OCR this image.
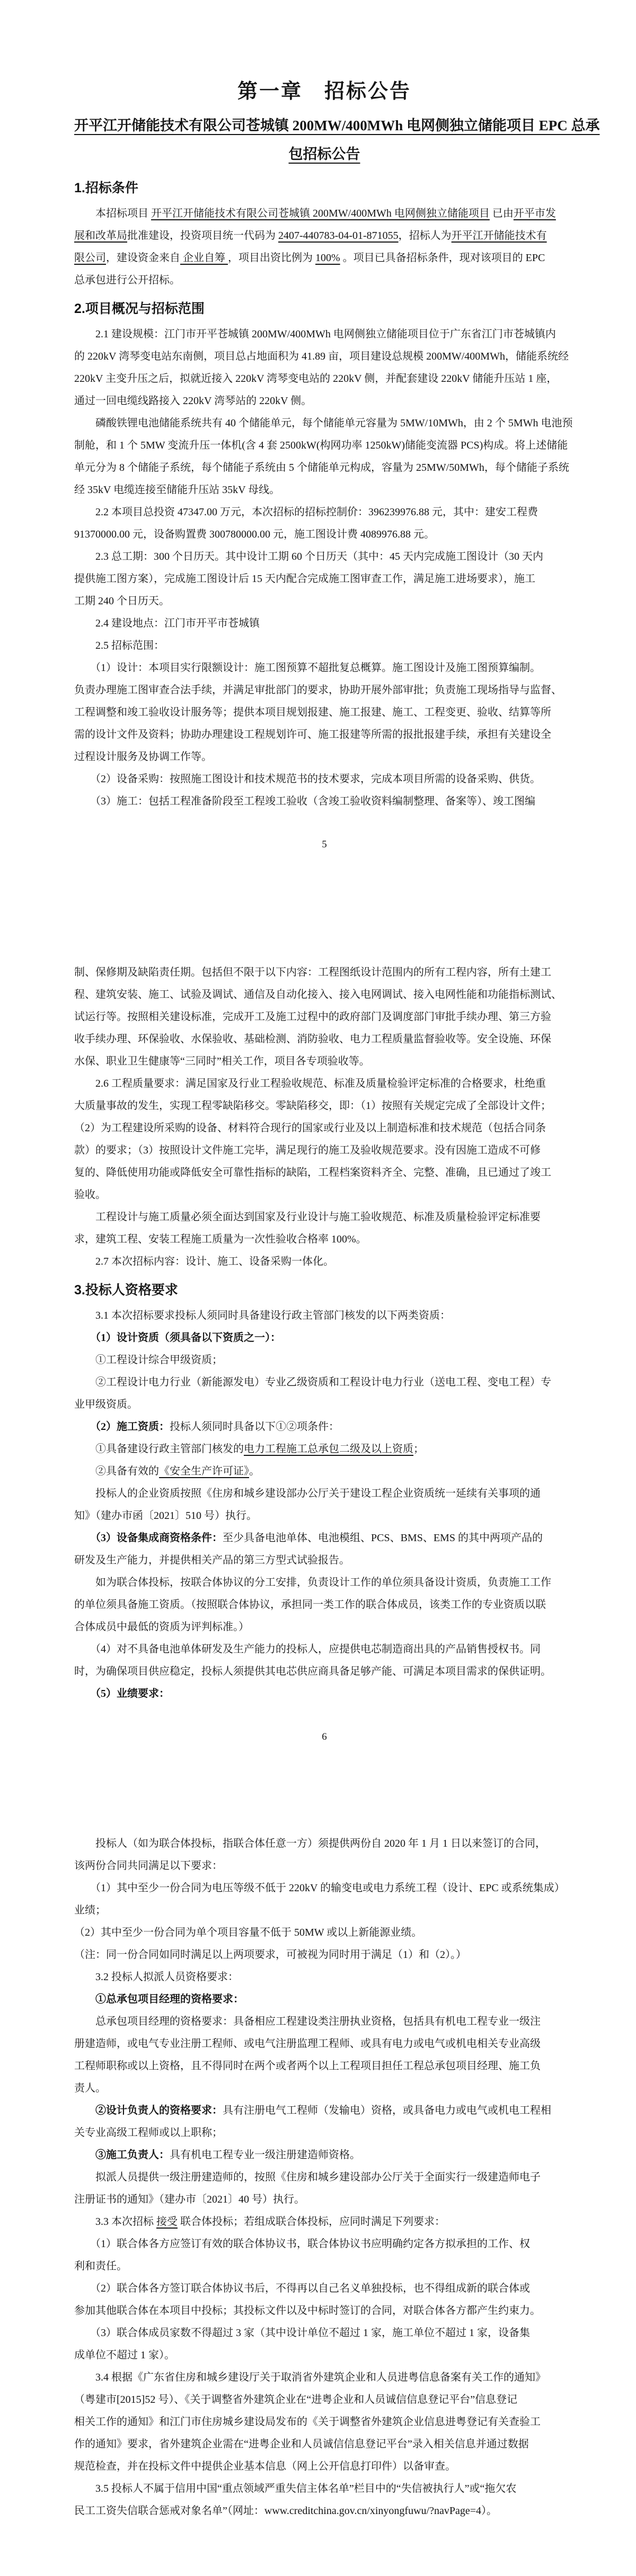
第一章　招标公告
开平江开储能技术有限公司苍城镇 200MW/400MWh 电网侧独立储能项目 EPC 总承
包招标公告
1.招标条件
　　本招标项目 开平江开储能技术有限公司苍城镇 200MW/400MWh 电网侧独立储能项目 已由开平市发
展和改革局批准建设，投资项目统一代码为 2407-440783-04-01-871055，招标人为开平江开储能技术有
限公司，建设资金来自 企业自筹 ，项目出资比例为 100% 。项目已具备招标条件，现对该项目的 EPC
总承包进行公开招标。
2.项目概况与招标范围
　　2.1 建设规模：江门市开平苍城镇 200MW/400MWh 电网侧独立储能项目位于广东省江门市苍城镇内
的 220kV 湾琴变电站东南侧，项目总占地面积为 41.89 亩，项目建设总规模 200MW/400MWh，储能系统经
220kV 主变升压之后，拟就近接入 220kV 湾琴变电站的 220kV 侧，并配套建设 220kV 储能升压站 1 座，
通过一回电缆线路接入 220kV 湾琴站的 220kV 侧。
　　磷酸铁锂电池储能系统共有 40 个储能单元，每个储能单元容量为 5MW/10MWh，由 2 个 5MWh 电池预
制舱，和 1 个 5MW 变流升压一体机(含 4 套 2500kW(构网功率 1250kW)储能变流器 PCS)构成。将上述储能
单元分为 8 个储能子系统，每个储能子系统由 5 个储能单元构成，容量为 25MW/50MWh，每个储能子系统
经 35kV 电缆连接至储能升压站 35kV 母线。
　　2.2 本项目总投资 47347.00 万元，本次招标的招标控制价：396239976.88 元，其中：建安工程费
91370000.00 元，设备购置费 300780000.00 元，施工图设计费 4089976.88 元。
　　2.3 总工期：300 个日历天。其中设计工期 60 个日历天（其中：45 天内完成施工图设计（30 天内
提供施工图方案），完成施工图设计后 15 天内配合完成施工图审查工作，满足施工进场要求），施工
工期 240 个日历天。
　　2.4 建设地点：江门市开平市苍城镇
　　2.5 招标范围：
　　（1）设计：本项目实行限额设计：施工图预算不超批复总概算。施工图设计及施工图预算编制。
负责办理施工图审查合法手续，并满足审批部门的要求，协助开展外部审批；负责施工现场指导与监督、
工程调整和竣工验收设计服务等；提供本项目规划报建、施工报建、施工、工程变更、验收、结算等所
需的设计文件及资料；协助办理建设工程规划许可、施工报建等所需的报批报建手续，承担有关建设全
过程设计服务及协调工作等。
　　（2）设备采购：按照施工图设计和技术规范书的技术要求，完成本项目所需的设备采购、供货。
　　（3）施工：包括工程准备阶段至工程竣工验收（含竣工验收资料编制整理、备案等）、竣工图编
5
制、保修期及缺陷责任期。包括但不限于以下内容：工程图纸设计范围内的所有工程内容，所有土建工
程、建筑安装、施工、试验及调试、通信及自动化接入、接入电网调试、接入电网性能和功能指标测试、
试运行等。按照相关建设标准，完成开工及施工过程中的政府部门及调度部门审批手续办理、第三方验
收手续办理、环保验收、水保验收、基础检测、消防验收、电力工程质量监督验收等。安全设施、环保
水保、职业卫生健康等“三同时”相关工作，项目各专项验收等。
　　2.6 工程质量要求：满足国家及行业工程验收规范、标准及质量检验评定标准的合格要求，杜绝重
大质量事故的发生，实现工程零缺陷移交。零缺陷移交，即：（1）按照有关规定完成了全部设计文件；
（2）为工程建设所采购的设备、材料符合现行的国家或行业及以上制造标准和技术规范（包括合同条
款）的要求；（3）按照设计文件施工完毕，满足现行的施工及验收规范要求。没有因施工造成不可修
复的、降低使用功能或降低安全可靠性指标的缺陷，工程档案资料齐全、完整、准确，且已通过了竣工
验收。
　　工程设计与施工质量必须全面达到国家及行业设计与施工验收规范、标准及质量检验评定标准要
求，建筑工程、安装工程施工质量为一次性验收合格率 100%。
　　2.7 本次招标内容：设计、施工、设备采购一体化。
3.投标人资格要求
　　3.1 本次招标要求投标人须同时具备建设行政主管部门核发的以下两类资质：
　　（1）设计资质（须具备以下资质之一）：
　　①工程设计综合甲级资质；
　　②工程设计电力行业（新能源发电）专业乙级资质和工程设计电力行业（送电工程、变电工程）专
业甲级资质。
　　（2）施工资质：投标人须同时具备以下①②项条件：
　　①具备建设行政主管部门核发的电力工程施工总承包二级及以上资质；
　　②具备有效的《安全生产许可证》。
　　投标人的企业资质按照《住房和城乡建设部办公厅关于建设工程企业资质统一延续有关事项的通
知》（建办市函〔2021〕510 号）执行。
　　（3）设备集成商资格条件：至少具备电池单体、电池模组、PCS、BMS、EMS 的其中两项产品的
研发及生产能力，并提供相关产品的第三方型式试验报告。
　　如为联合体投标，按联合体协议的分工安排，负责设计工作的单位须具备设计资质，负责施工工作
的单位须具备施工资质。（按照联合体协议，承担同一类工作的联合体成员，该类工作的专业资质以联
合体成员中最低的资质为评判标准。）
　　（4）对不具备电池单体研发及生产能力的投标人，应提供电芯制造商出具的产品销售授权书。同
时，为确保项目供应稳定，投标人须提供其电芯供应商具备足够产能、可满足本项目需求的保供证明。
　　（5）业绩要求：
6
　　投标人（如为联合体投标，指联合体任意一方）须提供两份自 2020 年 1 月 1 日以来签订的合同，
该两份合同共同满足以下要求：
　　（1）其中至少一份合同为电压等级不低于 220kV 的输变电或电力系统工程（设计、EPC 或系统集成）
业绩；
（2）其中至少一份合同为单个项目容量不低于 50MW 或以上新能源业绩。
（注：同一份合同如同时满足以上两项要求，可被视为同时用于满足（1）和（2）。）
　　3.2 投标人拟派人员资格要求：
　　①总承包项目经理的资格要求：
　　总承包项目经理的资格要求：具备相应工程建设类注册执业资格，包括具有机电工程专业一级注
册建造师，或电气专业注册工程师、或电气注册监理工程师、或具有电力或电气或机电相关专业高级
工程师职称或以上资格，且不得同时在两个或者两个以上工程项目担任工程总承包项目经理、施工负
责人。
　　②设计负责人的资格要求：具有注册电气工程师（发输电）资格，或具备电力或电气或机电工程相
关专业高级工程师或以上职称；
　　③施工负责人：具有机电工程专业一级注册建造师资格。
　　拟派人员提供一级注册建造师的，按照《住房和城乡建设部办公厅关于全面实行一级建造师电子
注册证书的通知》（建办市〔2021〕40 号）执行。
　　3.3 本次招标 接受 联合体投标；若组成联合体投标，应同时满足下列要求：
　　（1）联合体各方应签订有效的联合体协议书，联合体协议书应明确约定各方拟承担的工作、权
利和责任。
　　（2）联合体各方签订联合体协议书后，不得再以自己名义单独投标，也不得组成新的联合体或
参加其他联合体在本项目中投标；其投标文件以及中标时签订的合同，对联合体各方都产生约束力。
　　（3）联合体成员家数不得超过 3 家（其中设计单位不超过 1 家，施工单位不超过 1 家，设备集
成单位不超过 1 家）。
　　3.4 根据《广东省住房和城乡建设厅关于取消省外建筑企业和人员进粤信息备案有关工作的通知》
（粤建市[2015]52 号）、《关于调整省外建筑企业在“进粤企业和人员诚信信息登记平台”信息登记
相关工作的通知》和江门市住房城乡建设局发布的《关于调整省外建筑企业信息进粤登记有关查验工
作的通知》要求，省外建筑企业需在“进粤企业和人员诚信信息登记平台”录入相关信息并通过数据
规范检查，并在投标文件中提供企业基本信息（网上公开信息打印件）以备审查。
　　3.5 投标人不属于信用中国“重点领域严重失信主体名单”栏目中的“失信被执行人”或“拖欠农
民工工资失信联合惩戒对象名单”（网址：www.creditchina.gov.cn/xinyongfuwu/?navPage=4）。
